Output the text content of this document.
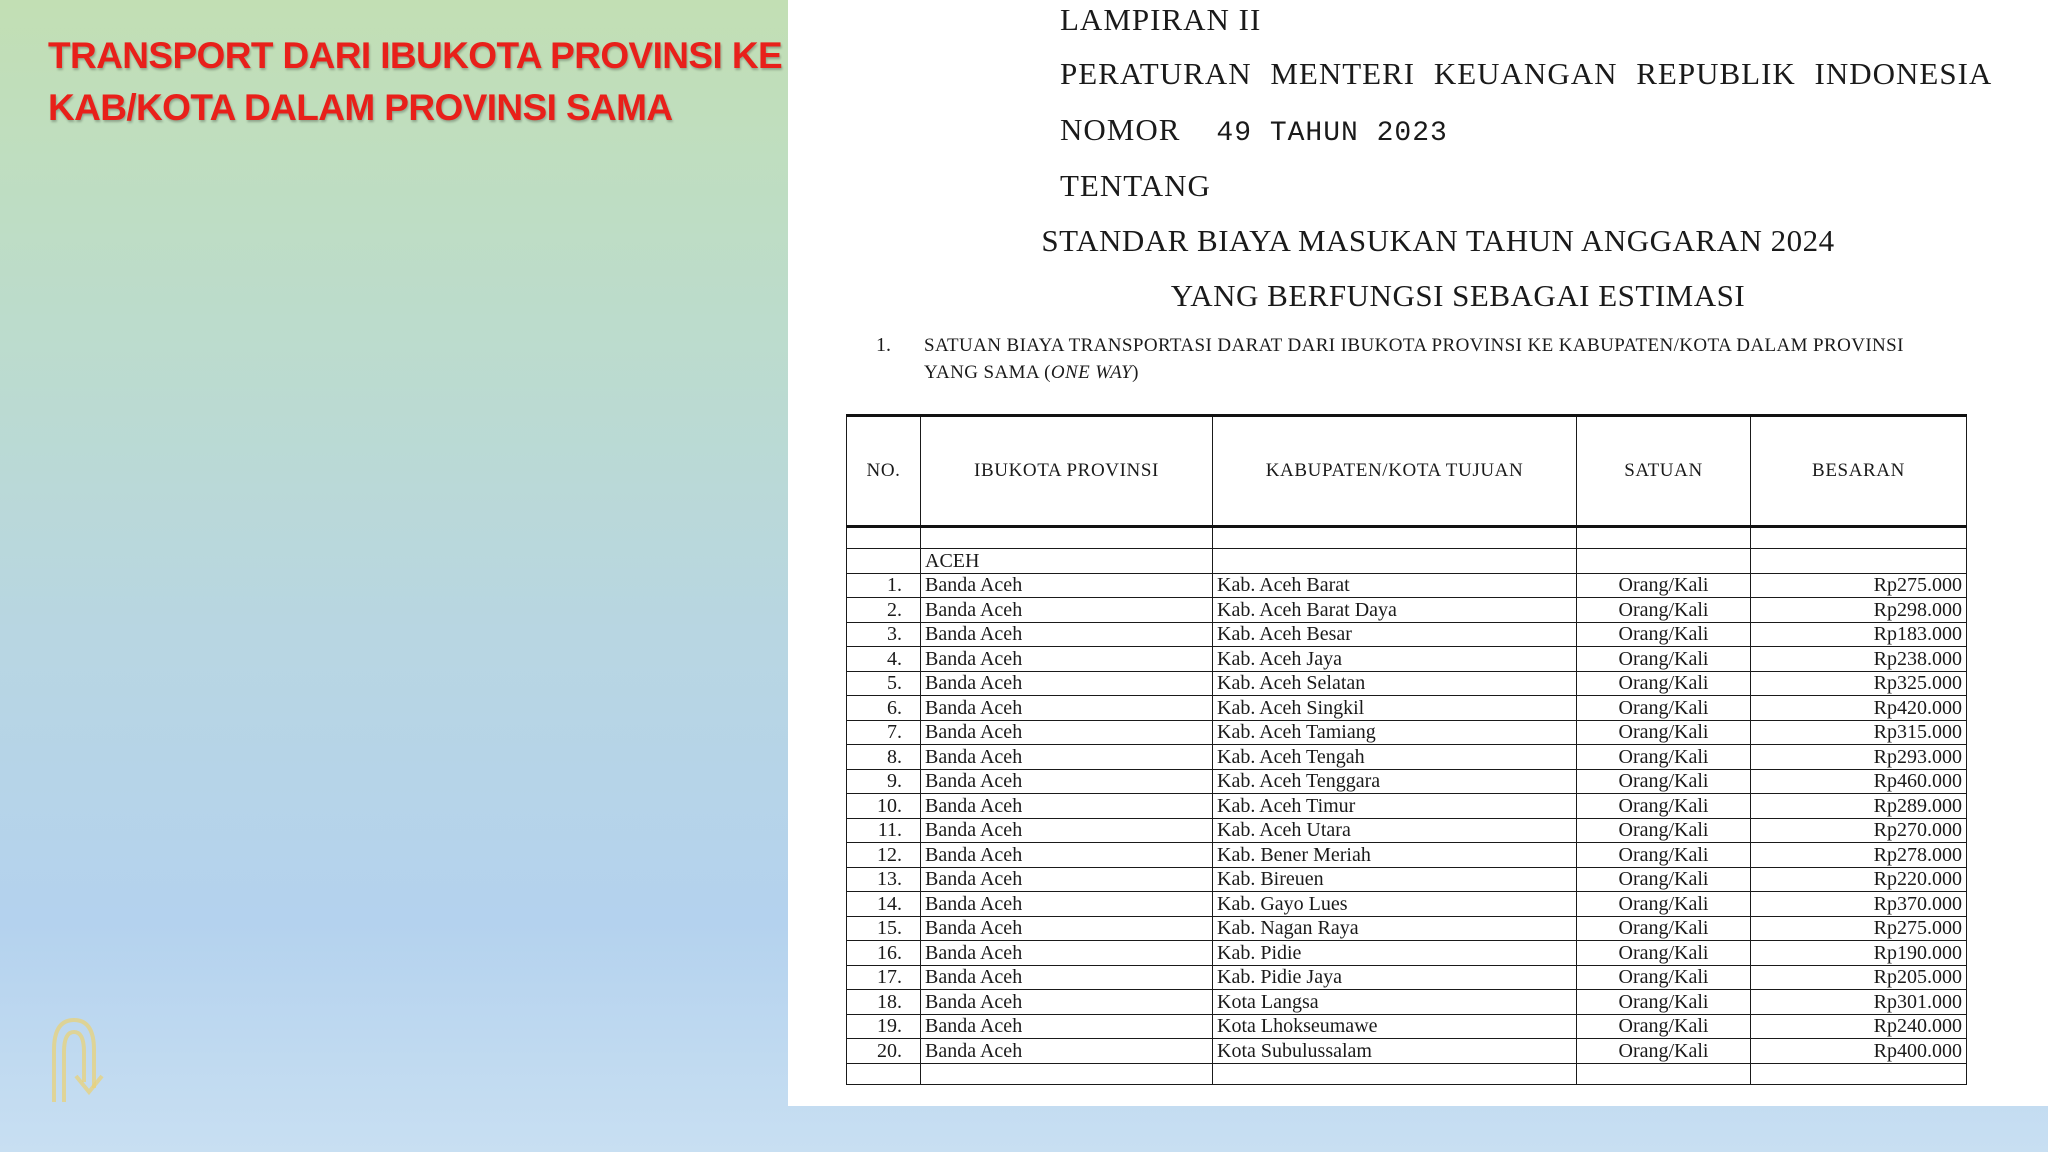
TRANSPORT DARI IBUKOTA PROVINSI KE KAB/KOTA DALAM PROVINSI SAMA
LAMPIRAN II
PERATURAN MENTERI KEUANGAN REPUBLIK INDONESIA
NOMOR 49 TAHUN 2023
TENTANG
STANDAR BIAYA MASUKAN TAHUN ANGGARAN 2024
YANG BERFUNGSI SEBAGAI ESTIMASI
1. SATUAN BIAYA TRANSPORTASI DARAT DARI IBUKOTA PROVINSI KE KABUPATEN/KOTA DALAM PROVINSI YANG SAMA (ONE WAY)
NO.	IBUKOTA PROVINSI	KABUPATEN/KOTA TUJUAN	SATUAN	BESARAN

	ACEH			
1.	Banda Aceh	Kab. Aceh Barat	Orang/Kali	Rp275.000
2.	Banda Aceh	Kab. Aceh Barat Daya	Orang/Kali	Rp298.000
3.	Banda Aceh	Kab. Aceh Besar	Orang/Kali	Rp183.000
4.	Banda Aceh	Kab. Aceh Jaya	Orang/Kali	Rp238.000
5.	Banda Aceh	Kab. Aceh Selatan	Orang/Kali	Rp325.000
6.	Banda Aceh	Kab. Aceh Singkil	Orang/Kali	Rp420.000
7.	Banda Aceh	Kab. Aceh Tamiang	Orang/Kali	Rp315.000
8.	Banda Aceh	Kab. Aceh Tengah	Orang/Kali	Rp293.000
9.	Banda Aceh	Kab. Aceh Tenggara	Orang/Kali	Rp460.000
10.	Banda Aceh	Kab. Aceh Timur	Orang/Kali	Rp289.000
11.	Banda Aceh	Kab. Aceh Utara	Orang/Kali	Rp270.000
12.	Banda Aceh	Kab. Bener Meriah	Orang/Kali	Rp278.000
13.	Banda Aceh	Kab. Bireuen	Orang/Kali	Rp220.000
14.	Banda Aceh	Kab. Gayo Lues	Orang/Kali	Rp370.000
15.	Banda Aceh	Kab. Nagan Raya	Orang/Kali	Rp275.000
16.	Banda Aceh	Kab. Pidie	Orang/Kali	Rp190.000
17.	Banda Aceh	Kab. Pidie Jaya	Orang/Kali	Rp205.000
18.	Banda Aceh	Kota Langsa	Orang/Kali	Rp301.000
19.	Banda Aceh	Kota Lhokseumawe	Orang/Kali	Rp240.000
20.	Banda Aceh	Kota Subulussalam	Orang/Kali	Rp400.000
